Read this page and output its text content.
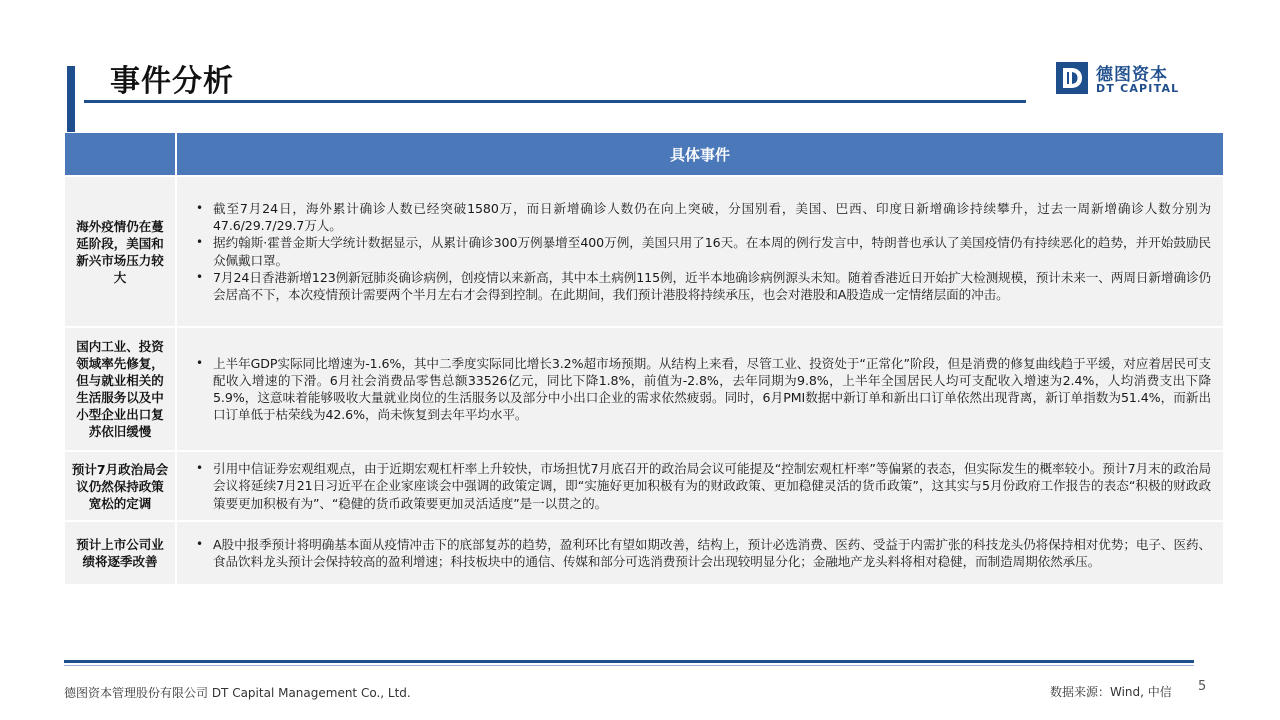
事件分析	德图资本
DT CAPITAL
具体事件
海外疫情仍在蔓延阶段，美国和新兴市场压力较大
• 截至7月24日，海外累计确诊人数已经突破1580万，而日新增确诊人数仍在向上突破，分国别看，美国、巴西、印度日新增确诊持续攀升，过去一周新增确诊人数分别为47.6/29.7/29.7万人。
• 据约翰斯·霍普金斯大学统计数据显示，从累计确诊300万例暴增至400万例，美国只用了16天。在本周的例行发言中，特朗普也承认了美国疫情仍有持续恶化的趋势，并开始鼓励民众佩戴口罩。
• 7月24日香港新增123例新冠肺炎确诊病例，创疫情以来新高，其中本土病例115例，近半本地确诊病例源头未知。随着香港近日开始扩大检测规模，预计未来一、两周日新增确诊仍会居高不下，本次疫情预计需要两个半月左右才会得到控制。在此期间，我们预计港股将持续承压，也会对港股和A股造成一定情绪层面的冲击。
国内工业、投资领域率先修复，但与就业相关的生活服务以及中小型企业出口复苏依旧缓慢
• 上半年GDP实际同比增速为-1.6%，其中二季度实际同比增长3.2%超市场预期。从结构上来看，尽管工业、投资处于“正常化”阶段，但是消费的修复曲线趋于平缓，对应着居民可支配收入增速的下滑。6月社会消费品零售总额33526亿元，同比下降1.8%，前值为-2.8%，去年同期为9.8%，上半年全国居民人均可支配收入增速为2.4%，人均消费支出下降5.9%，这意味着能够吸收大量就业岗位的生活服务以及部分中小出口企业的需求依然疲弱。同时，6月PMI数据中新订单和新出口订单依然出现背离，新订单指数为51.4%，而新出口订单低于枯荣线为42.6%，尚未恢复到去年平均水平。
预计7月政治局会议仍然保持政策宽松的定调
• 引用中信证券宏观组观点，由于近期宏观杠杆率上升较快，市场担忧7月底召开的政治局会议可能提及“控制宏观杠杆率”等偏紧的表态，但实际发生的概率较小。预计7月末的政治局会议将延续7月21日习近平在企业家座谈会中强调的政策定调，即“实施好更加积极有为的财政政策、更加稳健灵活的货币政策”，这其实与5月份政府工作报告的表态“积极的财政政策要更加积极有为”、“稳健的货币政策要更加灵活适度”是一以贯之的。
预计上市公司业绩将逐季改善
• A股中报季预计将明确基本面从疫情冲击下的底部复苏的趋势，盈利环比有望如期改善，结构上，预计必选消费、医药、受益于内需扩张的科技龙头仍将保持相对优势；电子、医药、食品饮料龙头预计会保持较高的盈利增速；科技板块中的通信、传媒和部分可选消费预计会出现较明显分化；金融地产龙头料将相对稳健，而制造周期依然承压。
德图资本管理股份有限公司 DT Capital Management Co., Ltd.	数据来源：Wind, 中信 5
